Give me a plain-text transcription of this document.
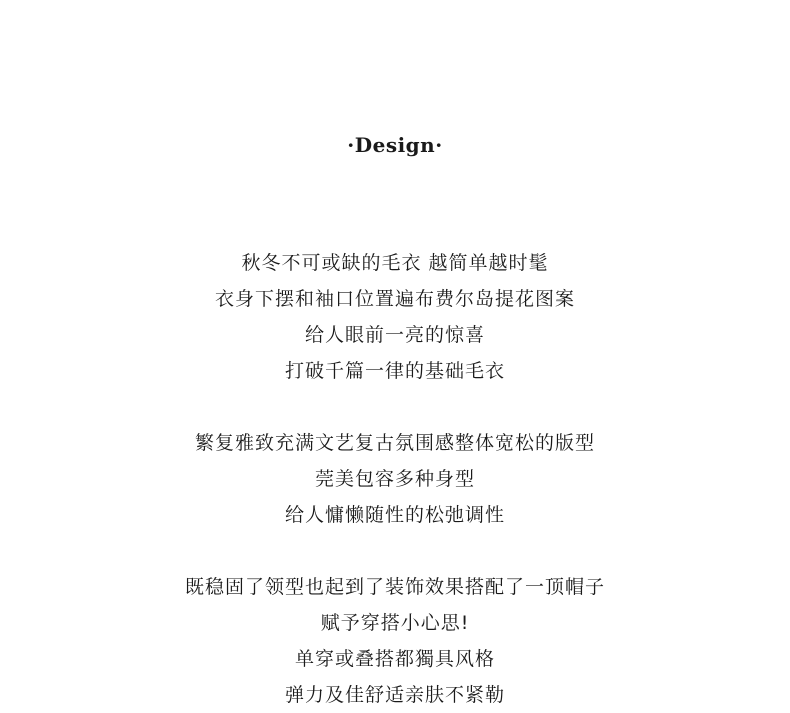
·Design·
秋冬不可或缺的毛衣 越简单越时髦
衣身下摆和袖口位置遍布费尔岛提花图案
给人眼前一亮的惊喜
打破千篇一律的基础毛衣
繁复雅致充满文艺复古氛围感整体宽松的版型
莞美包容多种身型
给人慵懒随性的松弛调性
既稳固了领型也起到了装饰效果搭配了一顶帽子
赋予穿搭小心思!
单穿或叠搭都獨具风格
弹力及佳舒适亲肤不紧勒
